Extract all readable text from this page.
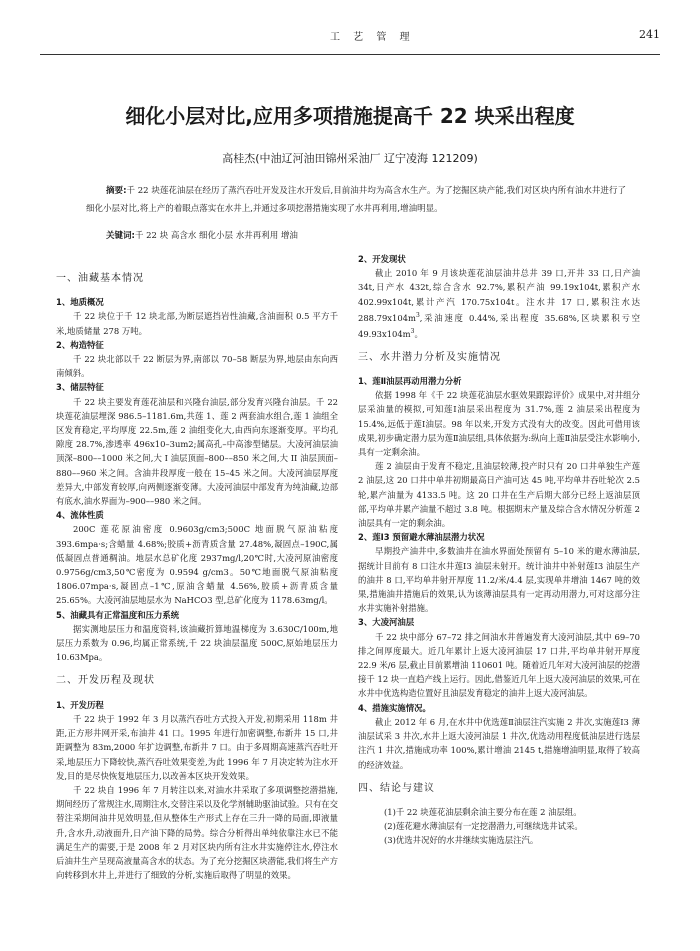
工 艺 管 理	241
细化小层对比,应用多项措施提高千 22 块采出程度
高桂杰(中油辽河油田锦州采油厂 辽宁凌海 121209)
摘要:千 22 块莲花油层在经历了蒸汽吞吐开发及注水开发后,目前油井均为高含水生产。为了挖掘区块产能,我们对区块内所有油水井进行了细化小层对比,将上产的着眼点落实在水井上,并通过多项挖潜措施实现了水井再利用,增油明显。
关键词:千 22 块 高含水 细化小层 水井再利用 增油
一、油藏基本情况
1、地质概况

千 22 块位于千 12 块北部,为断层遮挡岩性油藏,含油面积 0.5 平方千米,地质储量 278 万吨。

2、构造特征

千 22 块北部以千 22 断层为界,南部以 70–58 断层为界,地层由东向西南倾斜。

3、储层特征

千 22 块主要发育莲花油层和兴隆台油层,部分发育兴隆台油层。千 22 块莲花油层埋深 986.5–1181.6m,共莲 1、莲 2 两套油水组合,莲 1 油组全区发育稳定,平均厚度 22.5m,莲 2 油组变化大,由西向东逐渐变厚。平均孔隙度 28.7%,渗透率 496x10–3um2;属高孔–中高渗型储层。大凌河油层油顶深–800––1000 米之间,大 I 油层顶面–800––850 米之间,大 II 油层顶面–880––960 米之间。含油井段厚度一般在 15–45 米之间。大凌河油层厚度差异大,中部发育较厚,向两侧逐渐变薄。大凌河油层中部发育为纯油藏,边部有底水,油水界面为–900––980 米之间。

4、流体性质

200C 莲花原油密度 0.9603g/cm3;500C 地面脱气原油粘度 393.6mpa·s;含蜡量 4.68%;胶质+沥青质含量 27.48%,凝固点–190C,属低凝固点普通稠油。地层水总矿化度 2937mg/l,20℃时,大凌河原油密度 0.9756g/cm3,50℃密度为 0.9594 g/cm3。50℃地面脱气原油粘度 1806.07mpa·s,凝固点–1℃,原油含蜡量 4.56%,胶质+沥青质含量 25.65%。大凌河油层地层水为 NaHCO3 型,总矿化度为 1178.63mg/l。

5、油藏具有正常温度和压力系统

据实测地层压力和温度资料,该油藏折算地温梯度为 3.630C/100m,地层压力系数为 0.96,均属正常系统,千 22 块油层温度 500C,原始地层压力 10.63Mpa。

二、开发历程及现状
1、开发历程

千 22 块于 1992 年 3 月以蒸汽吞吐方式投入开发,初期采用 118m 井距,正方形井网开采,布油井 41 口。1995 年进行加密调整,布新井 15 口,井距调整为 83m,2000 年扩边调整,布新井 7 口。由于多周期高速蒸汽吞吐开采,地层压力下降较快,蒸汽吞吐效果变差,为此 1996 年 7 月决定转为注水开发,目的是尽快恢复地层压力,以改善本区块开发效果。

千 22 块自 1996 年 7 月转注以来,对油水井采取了多项调整挖潜措施,期间经历了常规注水,周期注水,交替注采以及化学剂辅助驱油试验。只有在交替注采期间油井见效明显,但从整体生产形式上存在三升一降的局面,即液量升,含水升,动液面升,日产油下降的局势。综合分析得出单纯依靠注水已不能满足生产的需要,于是 2008 年 2 月对区块内所有注水井实施停注水,停注水后油井生产呈现高液量高含水的状态。为了充分挖掘区块潜能,我们将生产方向转移到水井上,并进行了细致的分析,实施后取得了明显的效果。

2、开发现状

截止 2010 年 9 月该块莲花油层油井总井 39 口,开井 33 口,日产油 34t,日产水 432t,综合含水 92.7%,累积产油 99.19x104t,累积产水 402.99x104t,累计产汽 170.75x104t。注水井 17 口,累积注水达 $288.79x104m^3$,采油速度 0.44%,采出程度 35.68%,区块累积亏空 $49.93x104m^3$。

三、水井潜力分析及实施情况
1、莲Ⅱ油层再动用潜力分析

依据 1998 年《千 22 块莲花油层水驱效果跟踪评价》成果中,对井组分层采油量的模拟,可知莲Ⅰ油层采出程度为 31.7%,莲 2 油层采出程度为 15.4%,远低于莲Ⅰ油层。98 年以来,开发方式没有大的改变。因此可借用该成果,初步确定潜力层为莲Ⅱ油层组,具体依据为:纵向上莲Ⅱ油层受注水影响小,具有一定剩余油。

莲 2 油层由于发育不稳定,且油层较薄,投产时只有 20 口井单独生产莲 2 油层,这 20 口井中单井初期最高日产油可达 45 吨,平均单井吞吐轮次 2.5 轮,累产油量为 4133.5 吨。这 20 口井在生产后期大部分已经上返油层顶部,平均单井累产油量不超过 3.8 吨。根据期末产量及综合含水情况分析莲 2 油层具有一定的剩余油。

2、莲Ⅰ3 预留避水薄油层潜力状况

早期投产油井中,多数油井在油水界面处预留有 5–10 米的避水薄油层,据统计目前有 8 口注水井莲Ⅰ3 油层未射开。统计油井中补射莲Ⅰ3 油层生产的油井 8 口,平均单井射开厚度 11.2/米/4.4 层,实现单井增油 1467 吨的效果,措施油井措施后的效果,认为该薄油层具有一定再动用潜力,可对这部分注水井实施补射措施。

3、大凌河油层

千 22 块中部分 67–72 排之间油水井普遍发育大凌河油层,其中 69–70 排之间厚度最大。近几年累计上返大凌河油层 17 口井,平均单井射开厚度 22.9 米/6 层,截止目前累增油 110601 吨。随着近几年对大凌河油层的挖潜接千 12 块一直趋产线上运行。因此,借鉴近几年上返大凌河油层的效果,可在水井中优选构造位置好且油层发育稳定的油井上返大凌河油层。

4、措施实施情况。

截止 2012 年 6 月,在水井中优选莲Ⅱ油层注汽实施 2 井次,实施莲Ⅰ3 薄油层试采 3 井次,水井上返大凌河油层 1 井次,优选动用程度低油层进行选层注汽 1 井次,措施成功率 100%,累计增油 2145 t,措施增油明显,取得了较高的经济效益。

四、结论与建议
(1)千 22 块莲花油层剩余油主要分布在莲 2 油层组。
(2)莲花避水薄油层有一定挖潜潜力,可继续选井试采。
(3)优选井况好的水井继续实施选层注汽。
